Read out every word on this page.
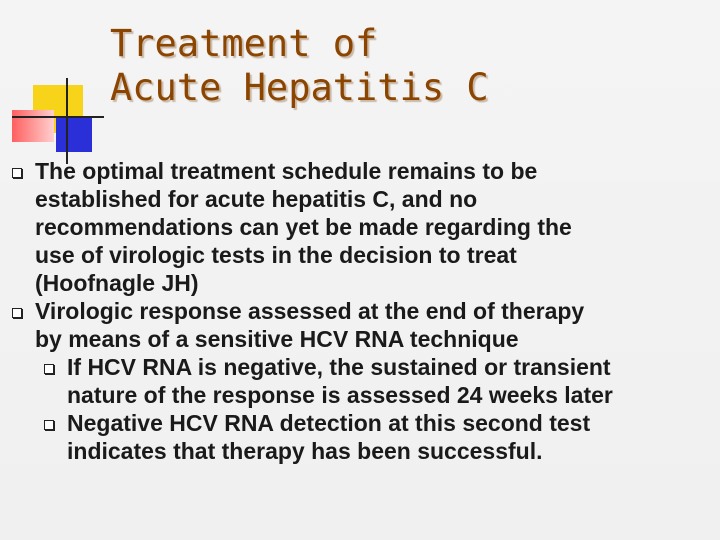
Treatment of
Acute Hepatitis C
The optimal treatment schedule remains to be
established for acute hepatitis C, and no
recommendations can yet be made regarding the
use of virologic tests in the decision to treat
(Hoofnagle JH)
Virologic response assessed at the end of therapy
by means of a sensitive HCV RNA technique
If HCV RNA is negative, the sustained or transient
nature of the response is assessed 24 weeks later
Negative HCV RNA detection at this second test
indicates that therapy has been successful.
